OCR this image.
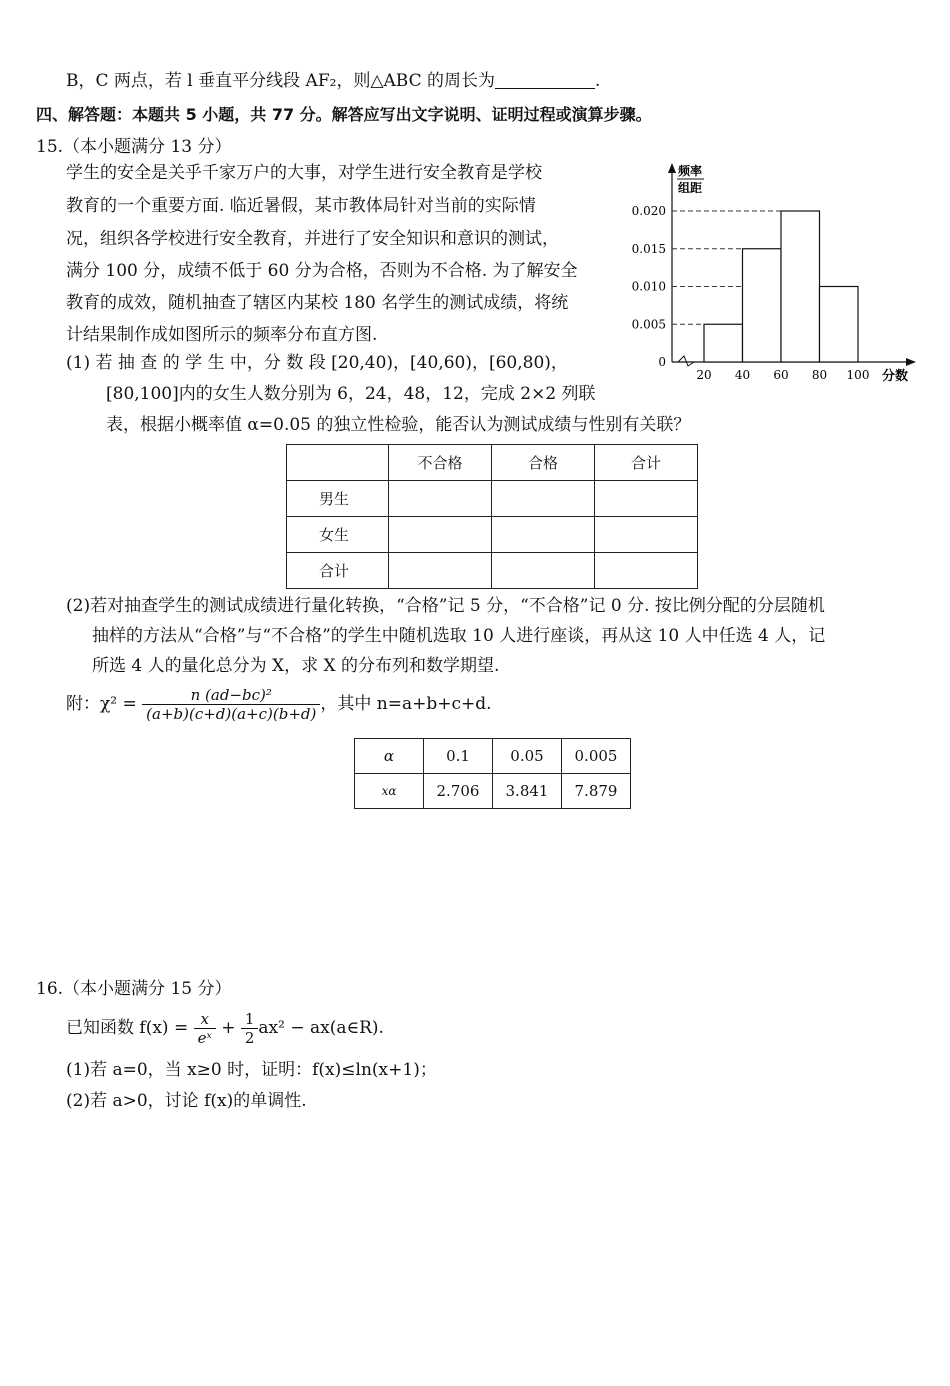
B，C 两点，若 l 垂直平分线段 AF₂，则△ABC 的周长为	.
四、解答题：本题共 5 小题，共 77 分。解答应写出文字说明、证明过程或演算步骤。
15.（本小题满分 13 分）
学生的安全是关乎千家万户的大事，对学生进行安全教育是学校
教育的一个重要方面. 临近暑假，某市教体局针对当前的实际情
况，组织各学校进行安全教育，并进行了安全知识和意识的测试，
满分 100 分，成绩不低于 60 分为合格，否则为不合格. 为了解安全
教育的成效，随机抽查了辖区内某校 180 名学生的测试成绩，将统
计结果制作成如图所示的频率分布直方图.
(1) 若 抽 查 的 学 生 中，分 数 段 [20,40)，[40,60)，[60,80)，
[80,100]内的女生人数分别为 6，24，48，12，完成 2×2 列联
表，根据小概率值 α=0.05 的独立性检验，能否认为测试成绩与性别有关联？
频率
组距
分数
0
0.005
0.010
0.015
0.020
20 40 60 80 100
	不合格	合格	合计
男生			
女生			
合计			
(2)若对抽查学生的测试成绩进行量化转换，“合格”记 5 分，“不合格”记 0 分. 按比例分配的分层随机
抽样的方法从“合格”与“不合格”的学生中随机选取 10 人进行座谈，再从这 10 人中任选 4 人，记
所选 4 人的量化总分为 X，求 X 的分布列和数学期望.
附：$\chi^2 = \frac{\text{n (ad−bc)²}}{(a+b)(c+d)(a+c)(b+d)}$ ，其中 n=a+b+c+d.
α	0.1	0.05	0.005
xα	2.706	3.841	7.879
16.（本小题满分 15 分）
已知函数 $f(x) = \frac{x}{\text{eˣ}} + \frac{1}{2} ax^2$ − ax(a∈R).
(1)若 a=0，当 x≥0 时，证明：f(x)≤ln(x+1)；
(2)若 a>0，讨论 f(x)的单调性.
